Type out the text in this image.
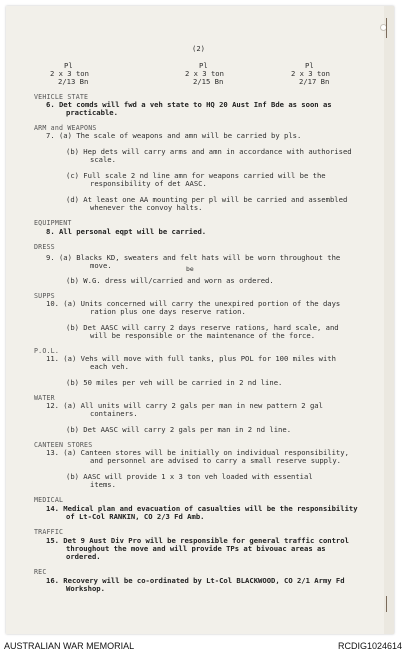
(2)
Pl
2 x 3 ton
2/13 Bn
Pl
2 x 3 ton
2/15 Bn
Pl
2 x 3 ton
2/17 Bn
VEHICLE STATE
6. Det comds will fwd a veh state to HQ 20 Aust Inf Bde as soon as
practicable.
ARM and WEAPONS
7. (a) The scale of weapons and amn will be carried by pls.
(b) Hep dets will carry arms and amn in accordance with authorised
scale.
(c) Full scale 2 nd line amn for weapons carried will be the
responsibility of det AASC.
(d) At least one AA mounting per pl will be carried and assembled
whenever the convoy halts.
EQUIPMENT
8. All personal eqpt will be carried.
DRESS
9. (a) Blacks KD, sweaters and felt hats will be worn throughout the
be
move.
(b) W.G. dress will/carried and worn as ordered.
SUPPS
10. (a) Units concerned will carry the unexpired portion of the days
ration plus one days reserve ration.
(b) Det AASC will carry 2 days reserve rations, hard scale, and
will be responsible or the maintenance of the force.
P.O.L.
11. (a) Vehs will move with full tanks, plus POL for 100 miles with
each veh.
(b) 50 miles per veh will be carried in 2 nd line.
WATER
12. (a) All units will carry 2 gals per man in new pattern 2 gal
containers.
(b) Det AASC will carry 2 gals per man in 2 nd line.
CANTEEN STORES
13. (a) Canteen stores will be initially on individual responsibility,
and personnel are advised to carry a small reserve supply.
(b) AASC will provide 1 x 3 ton veh loaded with essential
items.
MEDICAL
14. Medical plan and evacuation of casualties will be the responsibility
of Lt-Col RANKIN, CO 2/3 Fd Amb.
TRAFFIC
15. Det 9 Aust Div Pro will be responsible for general traffic control
throughout the move and will provide TPs at bivouac areas as
ordered.
REC
16. Recovery will be co-ordinated by Lt-Col BLACKWOOD, CO 2/1 Army Fd
Workshop.
AUSTRALIAN WAR MEMORIAL	RCDIG1024614
